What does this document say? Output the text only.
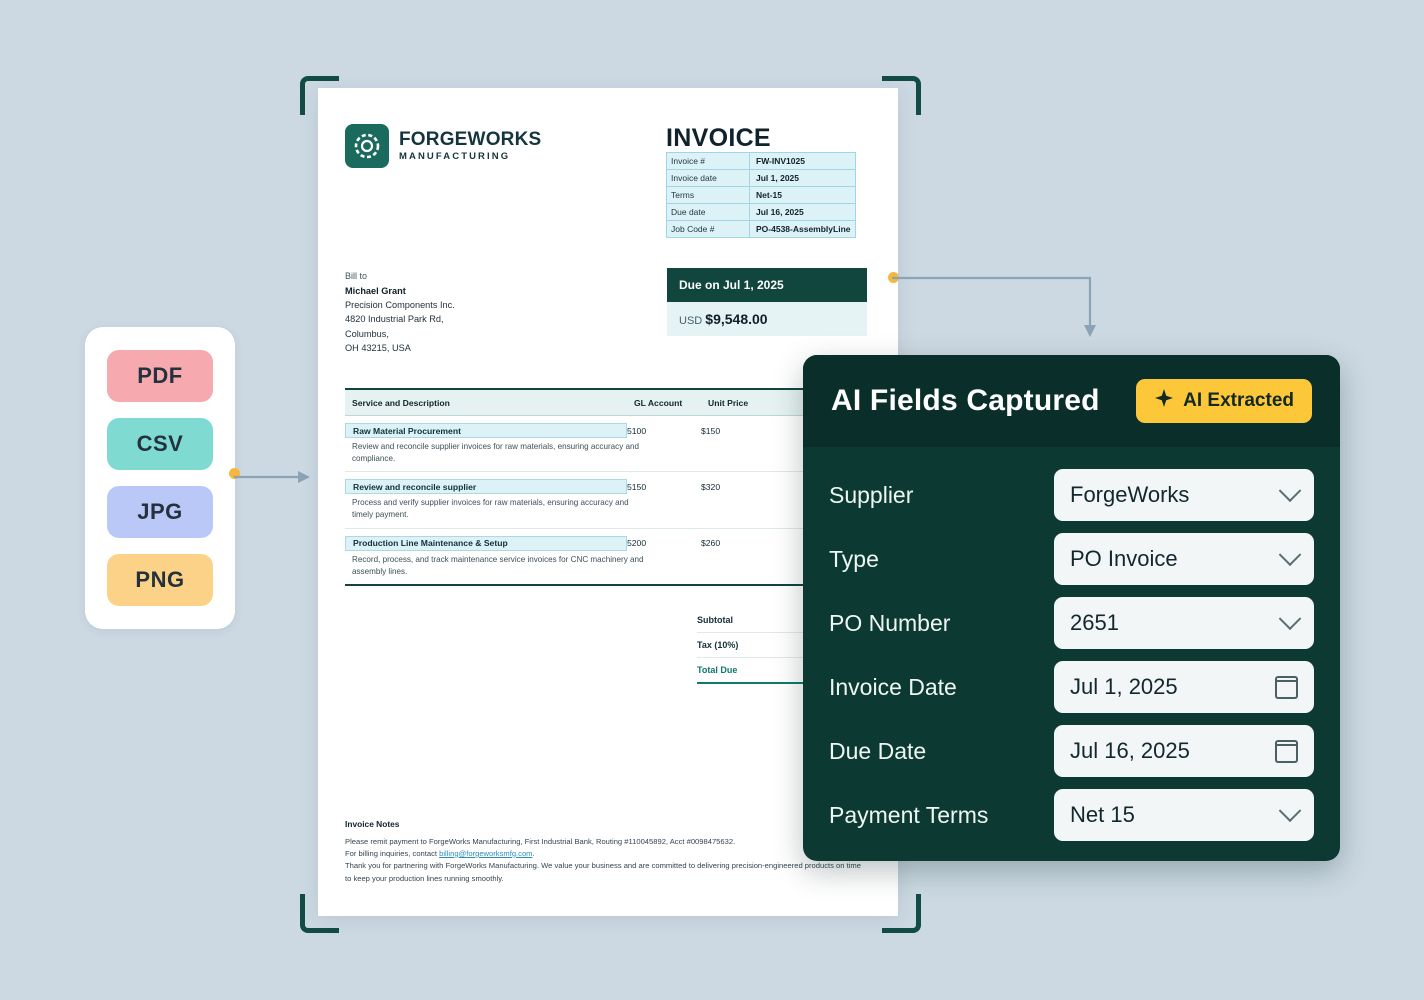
PDF
CSV
JPG
PNG
FORGEWORKS
MANUFACTURING
INVOICE
Invoice #	FW-INV1025
Invoice date	Jul 1, 2025
Terms	Net-15
Due date	Jul 16, 2025
Job Code #	PO-4538-AssemblyLine
Bill to
Michael Grant
Precision Components Inc.
4820 Industrial Park Rd,
Columbus,
OH 43215, USA
Due on Jul 1, 2025
USD $9,548.00
Service and Description	GL Account	Unit Price
Raw Material Procurement	5100	$150
Review and reconcile supplier invoices for raw materials, ensuring accuracy and compliance.
Review and reconcile supplier	5150	$320
Process and verify supplier invoices for raw materials, ensuring accuracy and timely payment.
Production Line Maintenance & Setup	5200	$260
Record, process, and track maintenance service invoices for CNC machinery and assembly lines.
Subtotal
Tax (10%)
Total Due
Invoice Notes
Please remit payment to ForgeWorks Manufacturing, First Industrial Bank, Routing #110045892, Acct #0098475632.
For billing inquiries, contact billing@forgeworksmfg.com.
Thank you for partnering with ForgeWorks Manufacturing. We value your business and are committed to delivering precision-engineered products on time to keep your production lines running smoothly.
AI Fields Captured	AI Extracted
Supplier	ForgeWorks
Type	PO Invoice
PO Number	2651
Invoice Date	Jul 1, 2025
Due Date	Jul 16, 2025
Payment Terms	Net 15
